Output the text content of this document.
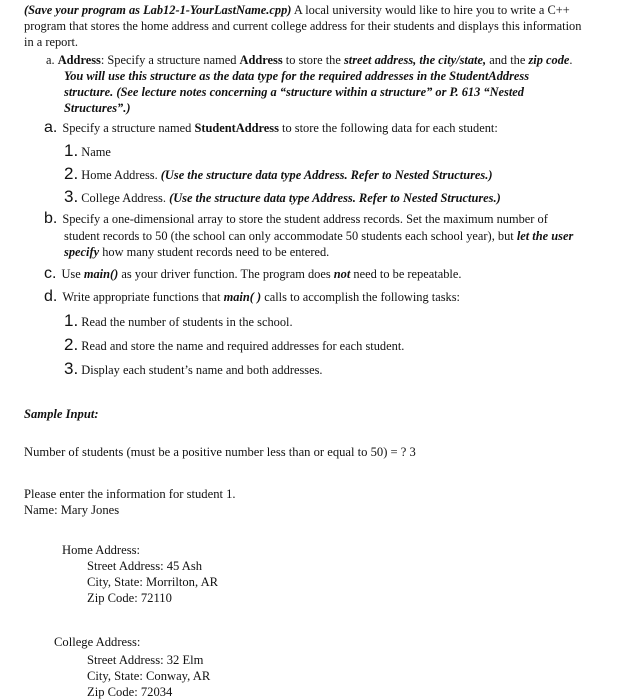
(Save your program as Lab12-1-YourLastName.cpp) A local university would like to hire you to write a C++
program that stores the home address and current college address for their students and displays this information
in a report.
a. Address: Specify a structure named Address to store the street address, the city/state, and the zip code.
You will use this structure as the data type for the required addresses in the StudentAddress
structure. (See lecture notes concerning a “structure within a structure” or P. 613 “Nested
Structures”.)
a. Specify a structure named StudentAddress to store the following data for each student:
1. Name
2. Home Address. (Use the structure data type Address. Refer to Nested Structures.)
3. College Address. (Use the structure data type Address. Refer to Nested Structures.)
b. Specify a one-dimensional array to store the student address records. Set the maximum number of
student records to 50 (the school can only accommodate 50 students each school year), but let the user
specify how many student records need to be entered.
c. Use main() as your driver function. The program does not need to be repeatable.
d. Write appropriate functions that main( ) calls to accomplish the following tasks:
1. Read the number of students in the school.
2. Read and store the name and required addresses for each student.
3. Display each student’s name and both addresses.
Sample Input:
Number of students (must be a positive number less than or equal to 50) = ? 3
Please enter the information for student 1.
Name: Mary Jones
Home Address:
Street Address: 45 Ash
City, State: Morrilton, AR
Zip Code: 72110
College Address:
Street Address: 32 Elm
City, State: Conway, AR
Zip Code: 72034
